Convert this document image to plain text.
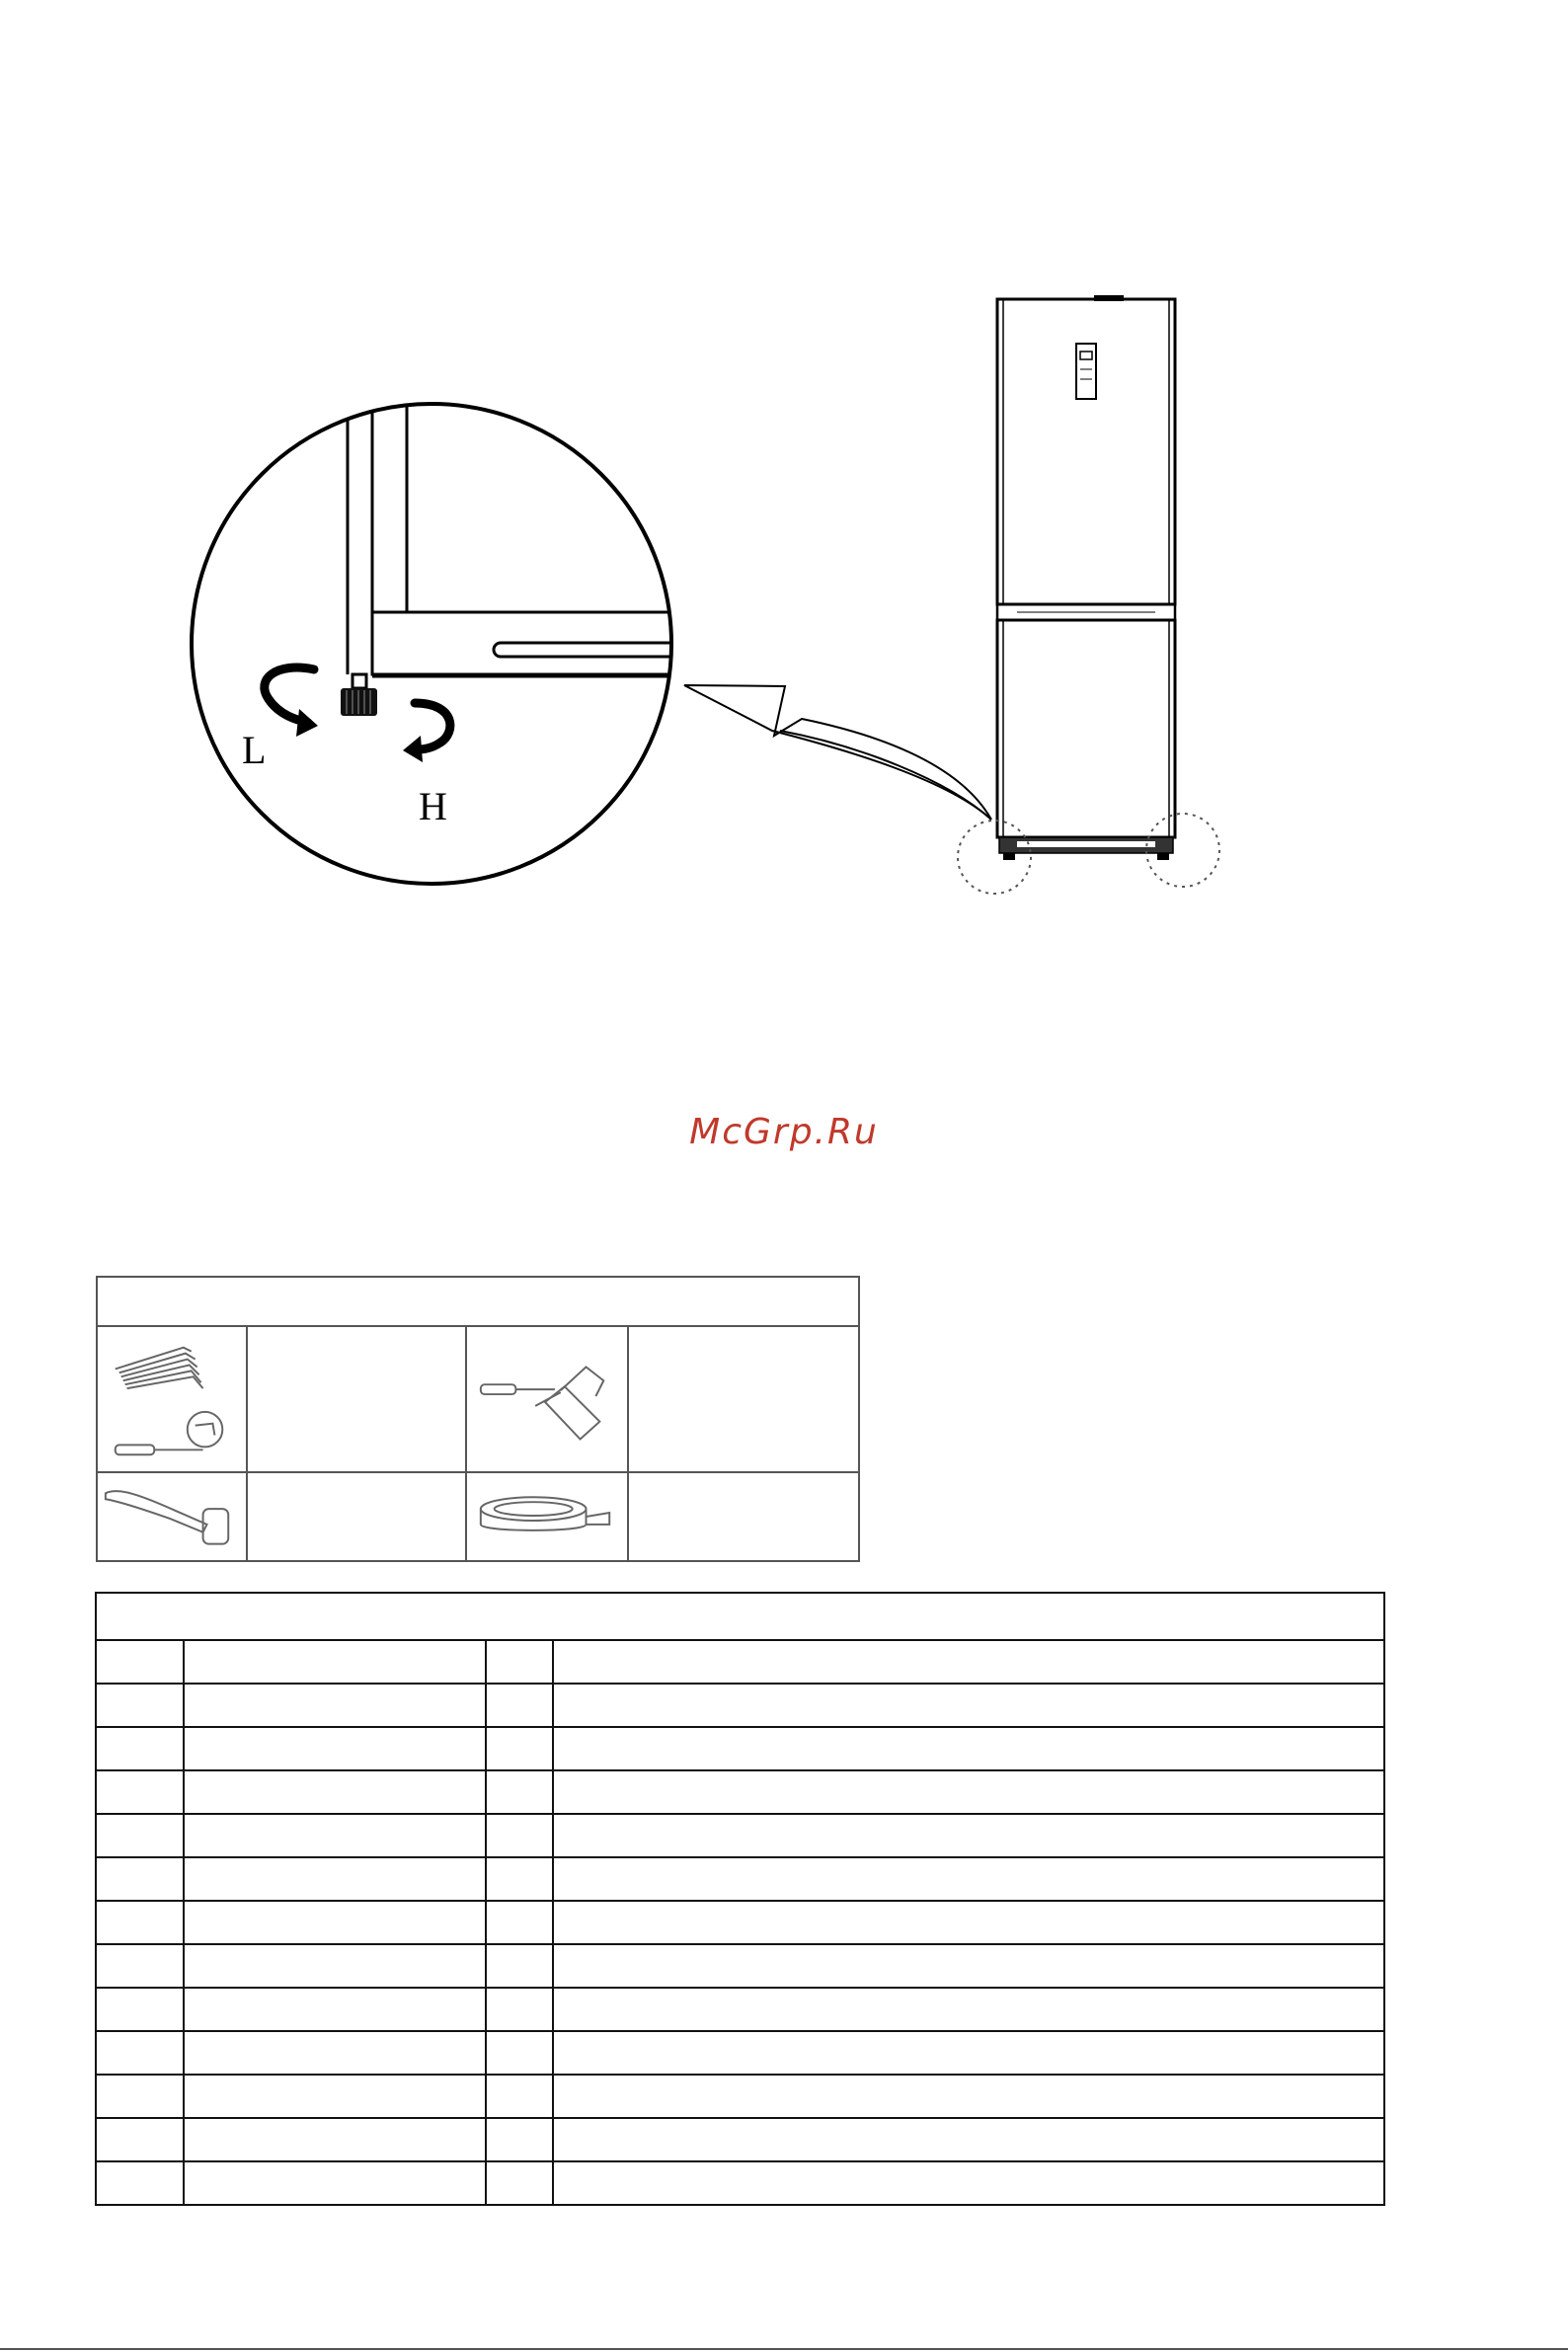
L
H
McGrp.Ru
